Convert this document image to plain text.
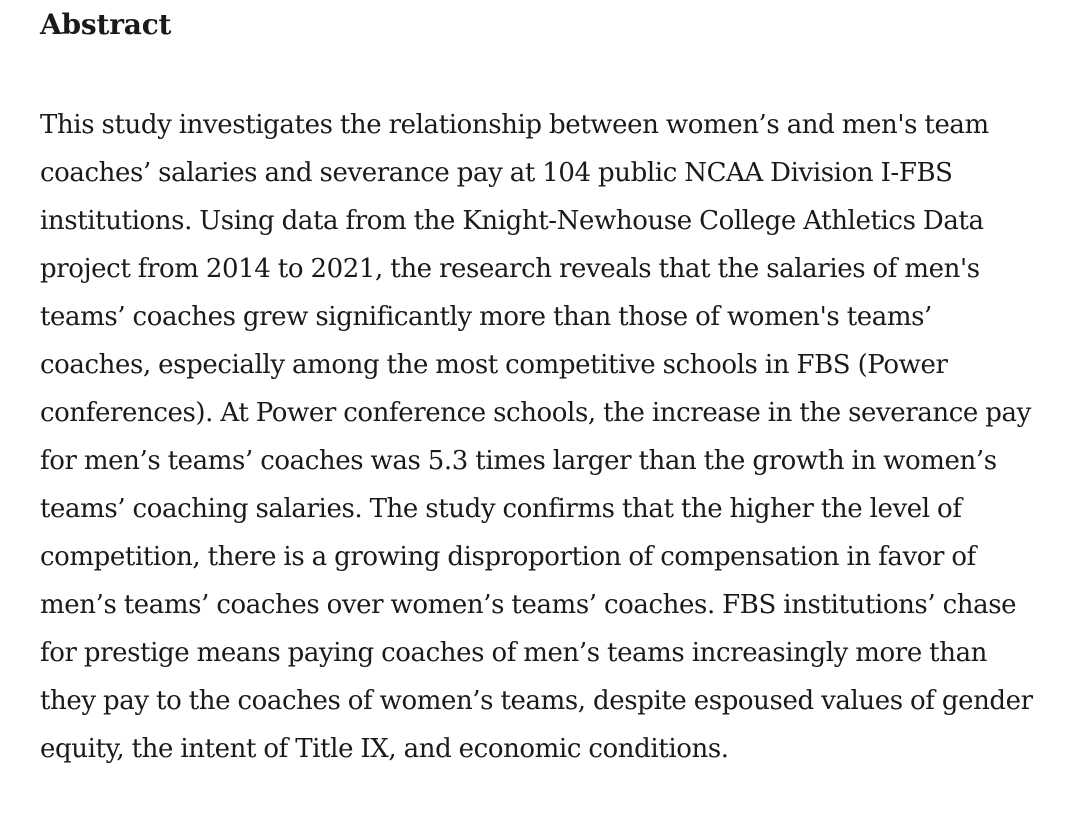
Abstract

This study investigates the relationship between women’s and men's team coaches’ salaries and severance pay at 104 public NCAA Division I-FBS institutions. Using data from the Knight-Newhouse College Athletics Data project from 2014 to 2021, the research reveals that the salaries of men's teams’ coaches grew significantly more than those of women's teams’ coaches, especially among the most competitive schools in FBS (Power conferences). At Power conference schools, the increase in the severance pay for men’s teams’ coaches was 5.3 times larger than the growth in women’s teams’ coaching salaries. The study confirms that the higher the level of competition, there is a growing disproportion of compensation in favor of men’s teams’ coaches over women’s teams’ coaches. FBS institutions’ chase for prestige means paying coaches of men’s teams increasingly more than they pay to the coaches of women’s teams, despite espoused values of gender equity, the intent of Title IX, and economic conditions.
